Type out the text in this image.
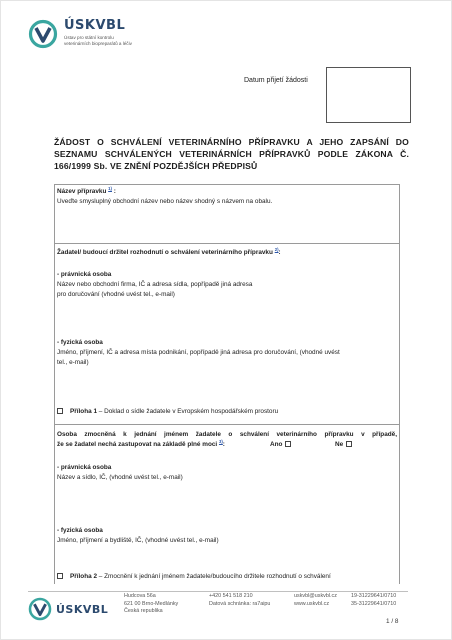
ÚSKVBL
Ústav pro státní kontrolu veterinárních biopreparátů a léčiv
Datum přijetí žádosti
ŽÁDOST O SCHVÁLENÍ VETERINÁRNÍHO PŘÍPRAVKU A JEHO ZAPSÁNÍ DO SEZNAMU SCHVÁLENÝCH VETERINÁRNÍCH PŘÍPRAVKŮ PODLE ZÁKONA Č. 166/1999 Sb. VE ZNĚNÍ POZDĚJŠÍCH PŘEDPISŮ
Název přípravku $^{1)}$ :
Uveďte smysluplný obchodní název nebo název shodný s názvem na obalu.
Žadatel/ budoucí držitel rozhodnutí o schválení veterinárního přípravku $^{2)}$:
- právnická osoba
Název nebo obchodní firma, IČ a adresa sídla, popřípadě jiná adresa
pro doručování (vhodné uvést tel., e-mail)
- fyzická osoba
Jméno, příjmení, IČ a adresa místa podnikání, popřípadě jiná adresa pro doručování, (vhodné uvést
tel., e-mail)
Příloha 1 – Doklad o sídle žadatele v Evropském hospodářském prostoru
Osoba zmocněná k jednání jménem žadatele o schválení veterinárního přípravku v případě,
že se žadatel nechá zastupovat na základě plné moci $^{3)}$:	Ano	Ne
- právnická osoba
Název a sídlo, IČ, (vhodné uvést tel., e-mail)
- fyzická osoba
Jméno, příjmení a bydliště, IČ, (vhodné uvést tel., e-mail)
Příloha 2 – Zmocnění k jednání jménem žadatele/budoucího držitele rozhodnutí o schválení
ÚSKVBL
Hudcova 56a
621 00 Brno-Medlánky
Česká republika
+420 541 518 210
Datová schránka: ra7aipu
uskvbl@uskvbl.cz
www.uskvbl.cz
19-31229641/0710
35-31229641/0710
1 / 8
